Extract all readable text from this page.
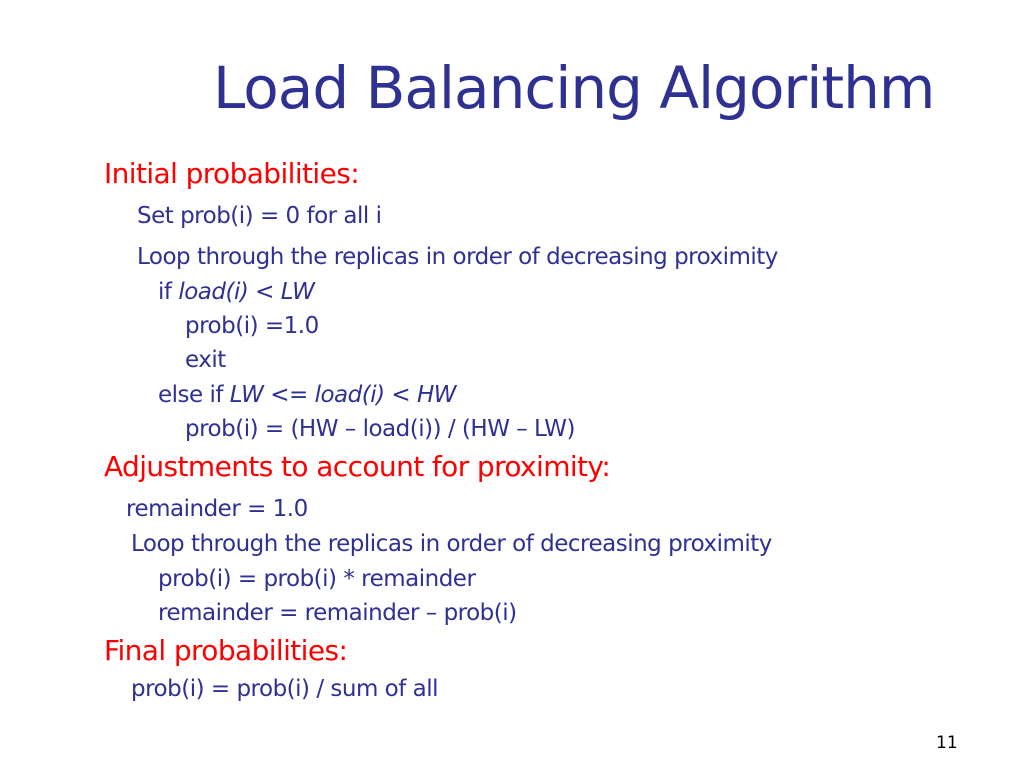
Load Balancing Algorithm
Initial probabilities:
Set prob(i) = 0 for all i
Loop through the replicas in order of decreasing proximity
if load(i) < LW
prob(i) =1.0
exit
else if LW <= load(i) < HW
prob(i) = (HW – load(i)) / (HW – LW)
Adjustments to account for proximity:
remainder = 1.0
Loop through the replicas in order of decreasing proximity
prob(i) = prob(i) * remainder
remainder = remainder – prob(i)
Final probabilities:
prob(i) = prob(i) / sum of all
11
